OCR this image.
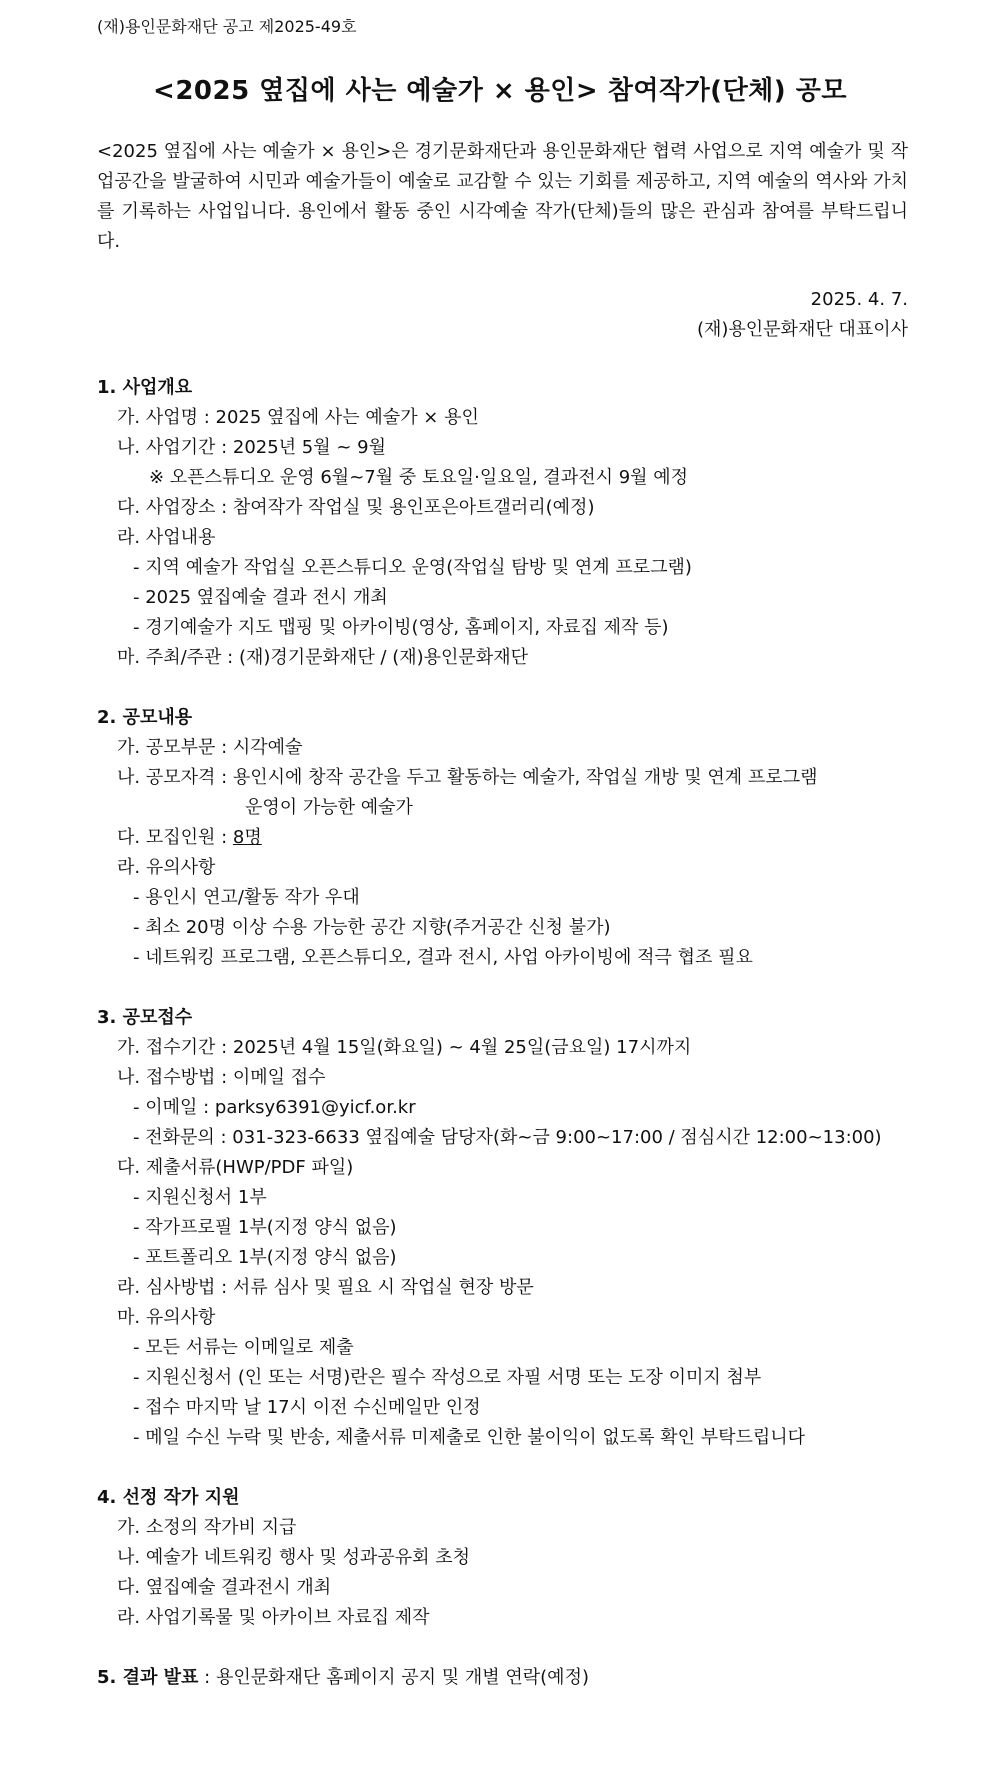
(재)용인문화재단 공고 제2025-49호
<2025 옆집에 사는 예술가 × 용인> 참여작가(단체) 공모
<2025 옆집에 사는 예술가 × 용인>은 경기문화재단과 용인문화재단 협력 사업으로 지역 예술가 및 작업공간을 발굴하여 시민과 예술가들이 예술로 교감할 수 있는 기회를 제공하고, 지역 예술의 역사와 가치를 기록하는 사업입니다. 용인에서 활동 중인 시각예술 작가(단체)들의 많은 관심과 참여를 부탁드립니다.
2025. 4. 7.
(재)용인문화재단 대표이사
1. 사업개요
가. 사업명 : 2025 옆집에 사는 예술가 × 용인
나. 사업기간 : 2025년 5월 ~ 9월
※ 오픈스튜디오 운영 6월~7월 중 토요일·일요일, 결과전시 9월 예정
다. 사업장소 : 참여작가 작업실 및 용인포은아트갤러리(예정)
라. 사업내용
- 지역 예술가 작업실 오픈스튜디오 운영(작업실 탐방 및 연계 프로그램)
- 2025 옆집예술 결과 전시 개최
- 경기예술가 지도 맵핑 및 아카이빙(영상, 홈페이지, 자료집 제작 등)
마. 주최/주관 : (재)경기문화재단 / (재)용인문화재단
2. 공모내용
가. 공모부문 : 시각예술
나. 공모자격 : 용인시에 창작 공간을 두고 활동하는 예술가, 작업실 개방 및 연계 프로그램
운영이 가능한 예술가
다. 모집인원 : 8명
라. 유의사항
- 용인시 연고/활동 작가 우대
- 최소 20명 이상 수용 가능한 공간 지향(주거공간 신청 불가)
- 네트워킹 프로그램, 오픈스튜디오, 결과 전시, 사업 아카이빙에 적극 협조 필요
3. 공모접수
가. 접수기간 : 2025년 4월 15일(화요일) ~ 4월 25일(금요일) 17시까지
나. 접수방법 : 이메일 접수
- 이메일 : parksy6391@yicf.or.kr
- 전화문의 : 031-323-6633 옆집예술 담당자(화~금 9:00~17:00 / 점심시간 12:00~13:00)
다. 제출서류(HWP/PDF 파일)
- 지원신청서 1부
- 작가프로필 1부(지정 양식 없음)
- 포트폴리오 1부(지정 양식 없음)
라. 심사방법 : 서류 심사 및 필요 시 작업실 현장 방문
마. 유의사항
- 모든 서류는 이메일로 제출
- 지원신청서 (인 또는 서명)란은 필수 작성으로 자필 서명 또는 도장 이미지 첨부
- 접수 마지막 날 17시 이전 수신메일만 인정
- 메일 수신 누락 및 반송, 제출서류 미제출로 인한 불이익이 없도록 확인 부탁드립니다
4. 선정 작가 지원
가. 소정의 작가비 지급
나. 예술가 네트워킹 행사 및 성과공유회 초청
다. 옆집예술 결과전시 개최
라. 사업기록물 및 아카이브 자료집 제작
5. 결과 발표 : 용인문화재단 홈페이지 공지 및 개별 연락(예정)
